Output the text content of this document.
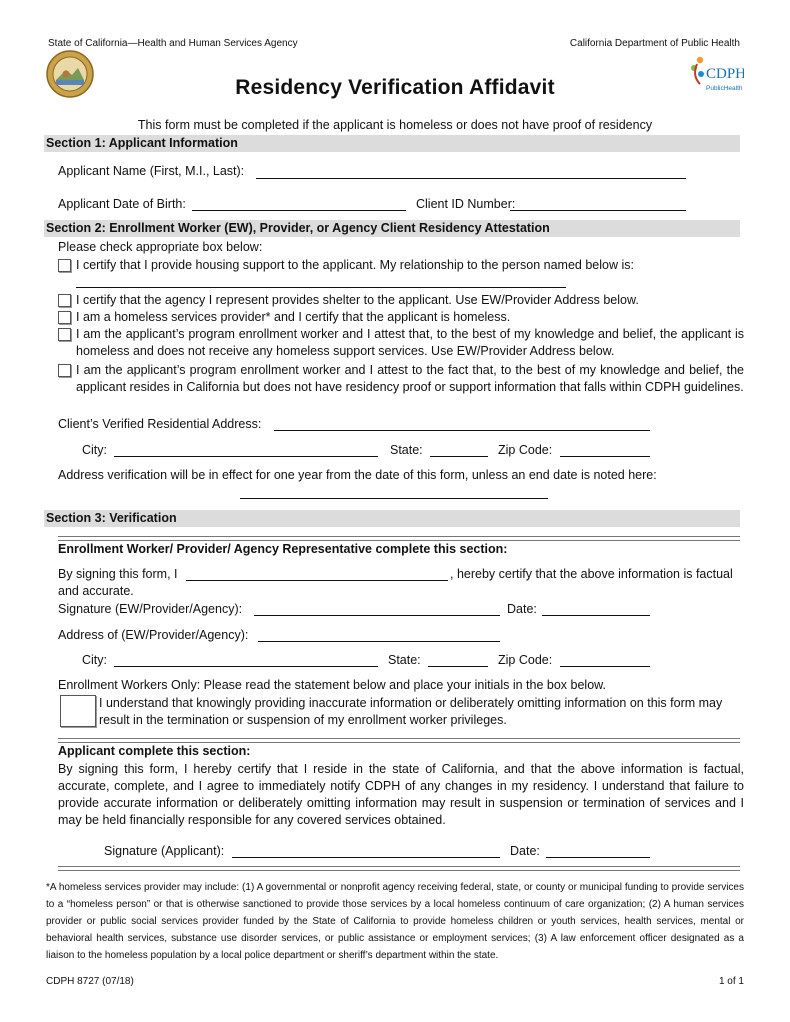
State of California—Health and Human Services Agency	California Department of Public Health
CDPH
PublicHealth
Residency Verification Affidavit
This form must be completed if the applicant is homeless or does not have proof of residency
Section 1: Applicant Information
Applicant Name (First, M.I., Last):
Applicant Date of Birth:	Client ID Number:
Section 2: Enrollment Worker (EW), Provider, or Agency Client Residency Attestation
Please check appropriate box below:
I certify that I provide housing support to the applicant. My relationship to the person named below is:
I certify that the agency I represent provides shelter to the applicant. Use EW/Provider Address below.
I am a homeless services provider* and I certify that the applicant is homeless.
I am the applicant’s program enrollment worker and I attest that, to the best of my knowledge and belief, the applicant is homeless and does not receive any homeless support services. Use EW/Provider Address below.
I am the applicant’s program enrollment worker and I attest to the fact that, to the best of my knowledge and belief, the applicant resides in California but does not have residency proof or support information that falls within CDPH guidelines.
Client’s Verified Residential Address:
City:	State:	Zip Code:
Address verification will be in effect for one year from the date of this form, unless an end date is noted here:
Section 3: Verification
Enrollment Worker/ Provider/ Agency Representative complete this section:
By signing this form, I	, hereby certify that the above information is factual
and accurate.
Signature (EW/Provider/Agency):	Date:
Address of (EW/Provider/Agency):
City:	State:	Zip Code:
Enrollment Workers Only: Please read the statement below and place your initials in the box below.
I understand that knowingly providing inaccurate information or deliberately omitting information on this form may result in the termination or suspension of my enrollment worker privileges.
Applicant complete this section:
By signing this form, I hereby certify that I reside in the state of California, and that the above information is factual, accurate, complete, and I agree to immediately notify CDPH of any changes in my residency. I understand that failure to provide accurate information or deliberately omitting information may result in suspension or termination of services and I may be held financially responsible for any covered services obtained.
Signature (Applicant):	Date:
*A homeless services provider may include: (1) A governmental or nonprofit agency receiving federal, state, or county or municipal funding to provide services to a “homeless person” or that is otherwise sanctioned to provide those services by a local homeless continuum of care organization; (2) A human services provider or public social services provider funded by the State of California to provide homeless children or youth services, health services, mental or behavioral health services, substance use disorder services, or public assistance or employment services; (3) A law enforcement officer designated as a liaison to the homeless population by a local police department or sheriff’s department within the state.
CDPH 8727 (07/18)	1 of 1
